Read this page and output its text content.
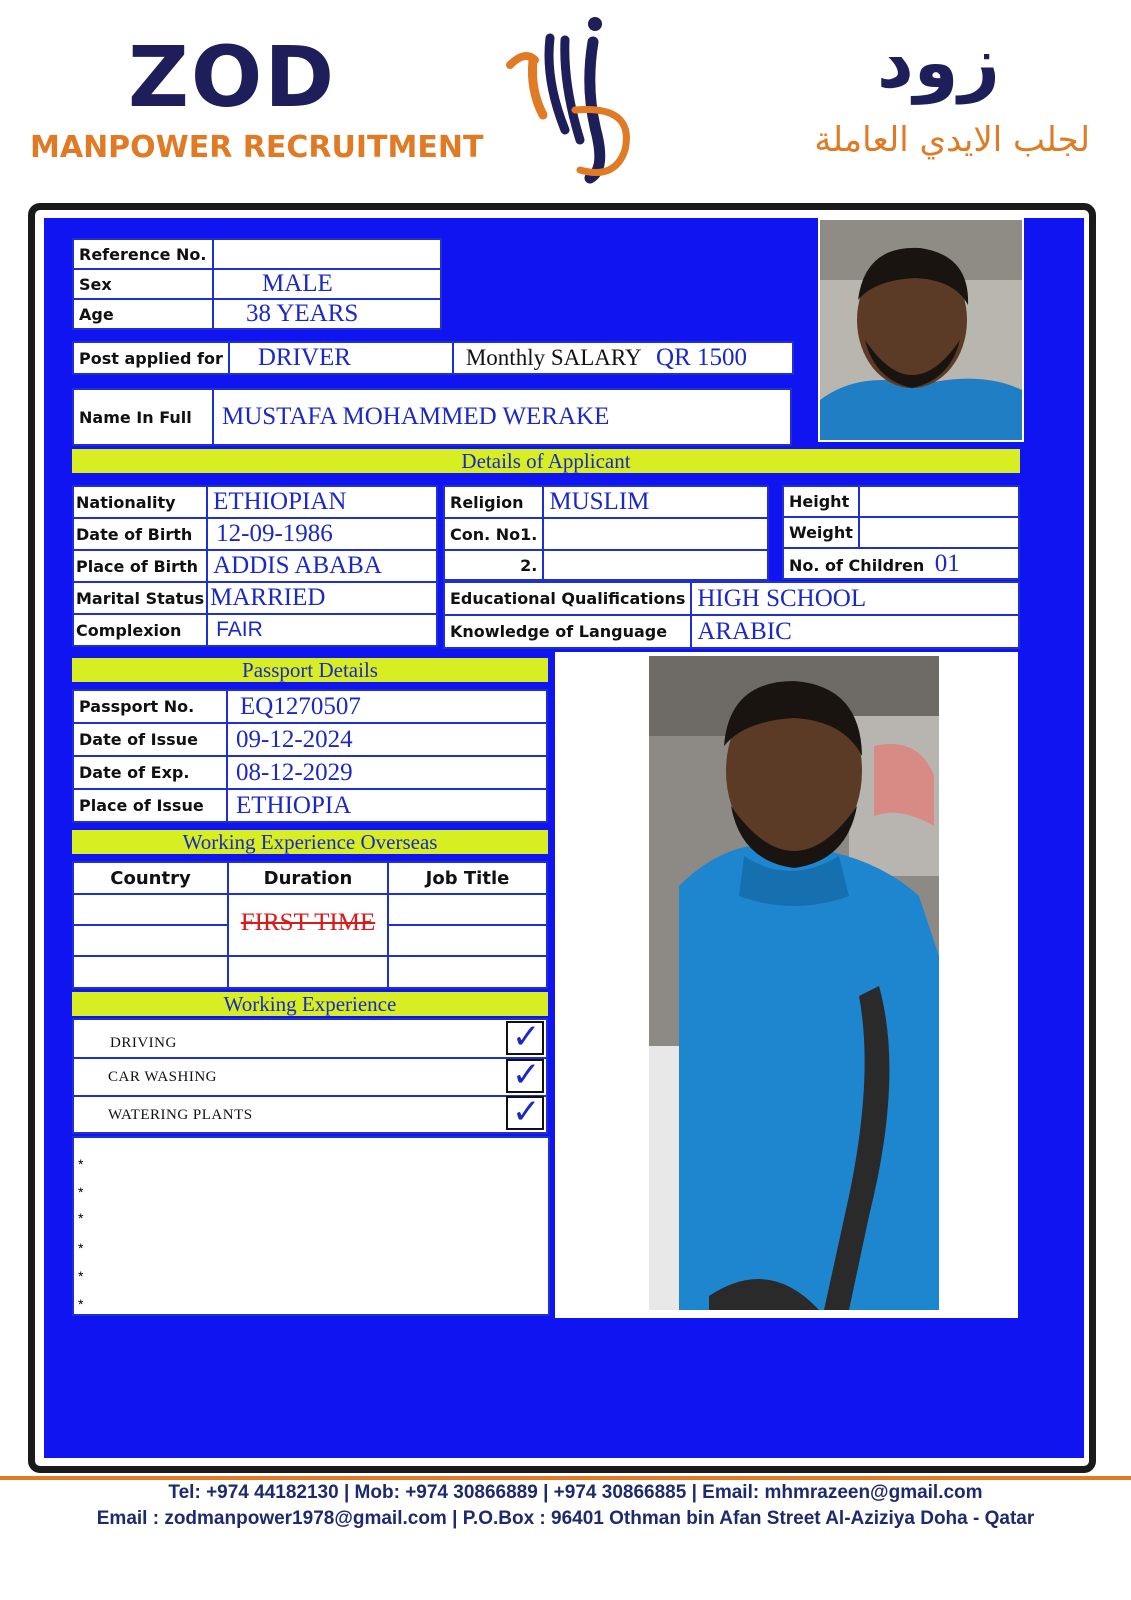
ZOD
MANPOWER RECRUITMENT
زود
لجلب الايدي العاملة
Reference No.	
Sex	MALE
Age	38 YEARS
Post applied for	DRIVER	Monthly SALARY QR 1500
Name In Full	MUSTAFA MOHAMMED WERAKE
Details of Applicant
Nationality	ETHIOPIAN
Date of Birth	12-09-1986
Place of Birth	ADDIS ABABA
Marital Status	MARRIED
Complexion	FAIR
Religion	MUSLIM
Con. No1.	
2.	
Height	
Weight	
No. of Children 01	
Educational Qualifications	HIGH SCHOOL
Knowledge of Language	ARABIC
Passport Details
Passport No.	EQ1270507
Date of Issue	09-12-2024
Date of Exp.	08-12-2029
Place of Issue	ETHIOPIA
Working Experience Overseas
Country	Duration	Job Title
	FIRST TIME	

Working Experience
DRIVING	✓
CAR WASHING	✓
WATERING PLANTS	✓
*
*
*
*
*
*
Tel: +974 44182130 | Mob: +974 30866889 | +974 30866885 | Email: mhmrazeen@gmail.com
Email : zodmanpower1978@gmail.com | P.O.Box : 96401 Othman bin Afan Street Al-Aziziya Doha - Qatar
